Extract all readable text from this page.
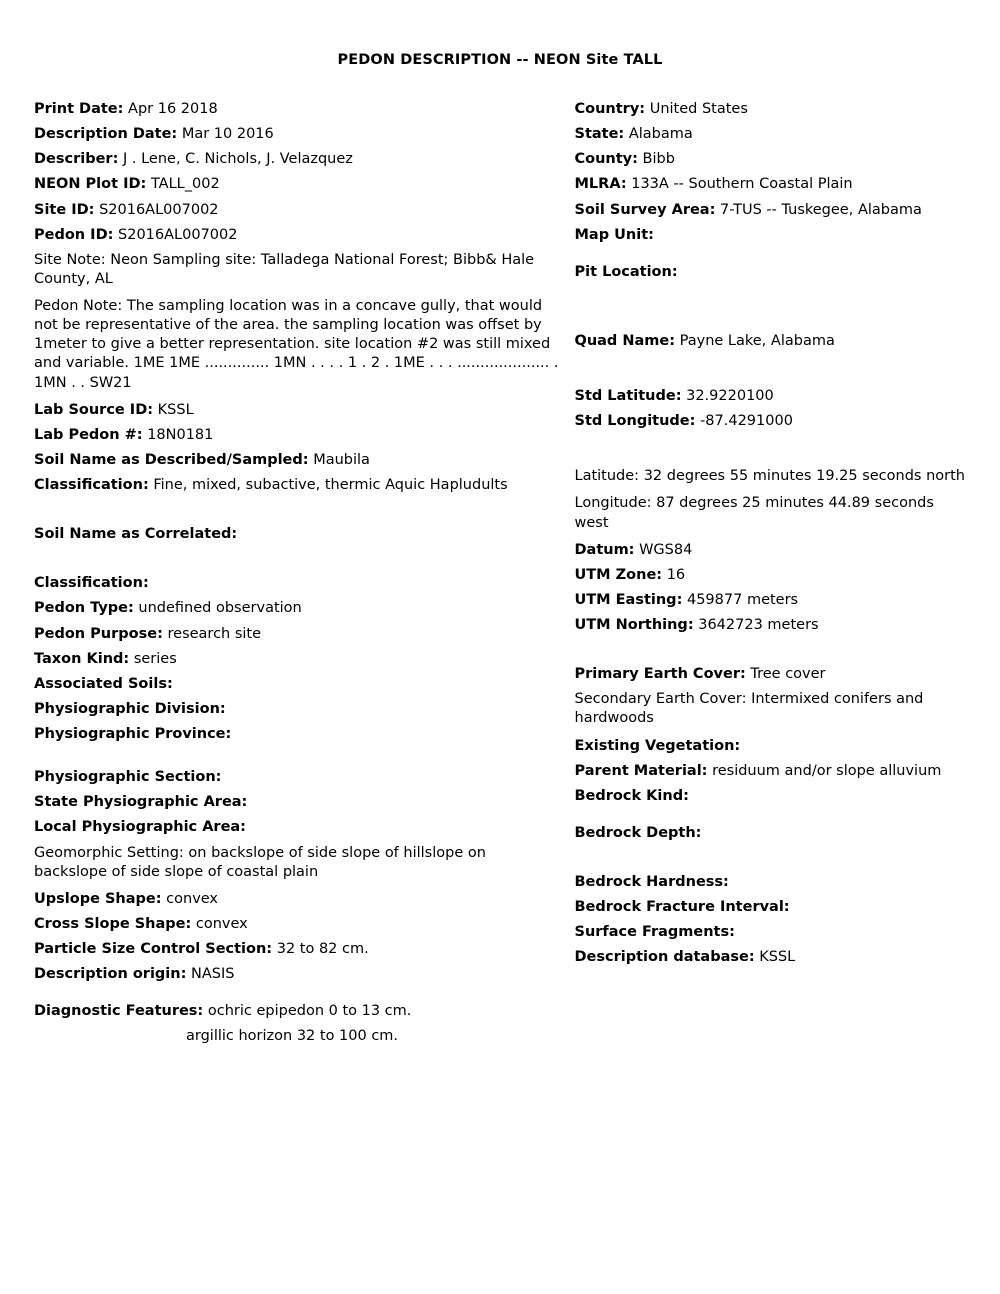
PEDON DESCRIPTION -- NEON Site TALL
Print Date: Apr 16 2018
Description Date: Mar 10 2016
Describer: J . Lene, C. Nichols, J. Velazquez
NEON Plot ID: TALL_002
Site ID: S2016AL007002
Pedon ID: S2016AL007002
Site Note: Neon Sampling site: Talladega National Forest; Bibb& Hale County, AL
Pedon Note: The sampling location was in a concave gully, that would not be representative of the area. the sampling location was offset by 1meter to give a better representation. site location #2 was still mixed and variable. 1ME 1ME .............. 1MN . . . . 1 . 2 . 1ME . . . .................... . 1MN . . SW21
Lab Source ID: KSSL
Lab Pedon #: 18N0181
Soil Name as Described/Sampled: Maubila
Classification: Fine, mixed, subactive, thermic Aquic Hapludults
Soil Name as Correlated:
Classification:
Pedon Type: undefined observation
Pedon Purpose: research site
Taxon Kind: series
Associated Soils:
Physiographic Division:
Physiographic Province:
Physiographic Section:
State Physiographic Area:
Local Physiographic Area:
Geomorphic Setting: on backslope of side slope of hillslope on backslope of side slope of coastal plain
Upslope Shape: convex
Cross Slope Shape: convex
Particle Size Control Section: 32 to 82 cm.
Description origin: NASIS
Diagnostic Features: ochric epipedon 0 to 13 cm.
argillic horizon 32 to 100 cm.
Country: United States
State: Alabama
County: Bibb
MLRA: 133A -- Southern Coastal Plain
Soil Survey Area: 7-TUS -- Tuskegee, Alabama
Map Unit:
Pit Location:
Quad Name: Payne Lake, Alabama
Std Latitude: 32.9220100
Std Longitude: -87.4291000
Latitude: 32 degrees 55 minutes 19.25 seconds north
Longitude: 87 degrees 25 minutes 44.89 seconds west
Datum: WGS84
UTM Zone: 16
UTM Easting: 459877 meters
UTM Northing: 3642723 meters
Primary Earth Cover: Tree cover
Secondary Earth Cover: Intermixed conifers and hardwoods
Existing Vegetation:
Parent Material: residuum and/or slope alluvium
Bedrock Kind:
Bedrock Depth:
Bedrock Hardness:
Bedrock Fracture Interval:
Surface Fragments:
Description database: KSSL
